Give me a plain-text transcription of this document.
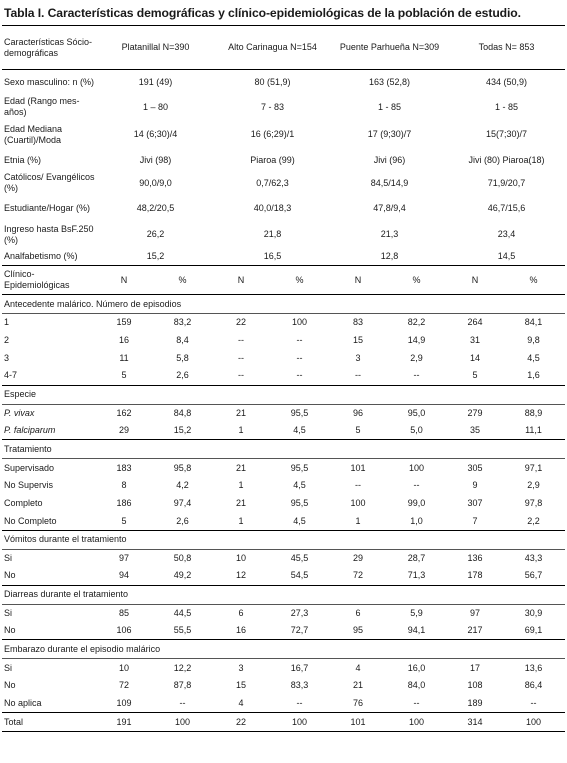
Tabla I. Características demográficas y clínico-epidemiológicas de la población de estudio.
Características Sócio-demográficas	Platanillal N=390		Alto Carinagua N=154		Puente Parhueña N=309		Todas N= 853	
Sexo masculino: n (%)	191 (49)		80 (51,9)		163 (52,8)		434 (50,9)	
Edad (Rango mes-años)	1 – 80		7 - 83		1 - 85		1 - 85	
Edad Mediana (Cuartil)/Moda	14 (6;30)/4		16 (6;29)/1		17 (9;30)/7		15(7;30)/7	
Etnia (%)	Jivi (98)		Piaroa (99)		Jivi (96)		Jivi (80) Piaroa(18)	
Católicos/ Evangélicos (%)	90,0/9,0		0,7/62,3		84,5/14,9		71,9/20,7	
Estudiante/Hogar (%)	48,2/20,5		40,0/18,3		47,8/9,4		46,7/15,6	
Ingreso hasta BsF.250 (%)	26,2		21,8		21,3		23,4	
Analfabetismo (%)	15,2		16,5		12,8		14,5	
Clínico-Epidemiológicas	N	%	N	%	N	%	N	%
Antecedente malárico. Número de episodios								
1	159	83,2	22	100	83	82,2	264	84,1
2	16	8,4	--	--	15	14,9	31	9,8
3	11	5,8	--	--	3	2,9	14	4,5
4-7	5	2,6	--	--	--	--	5	1,6
Especie								
P. vivax	162	84,8	21	95,5	96	95,0	279	88,9
P. falciparum	29	15,2	1	4,5	5	5,0	35	11,1
Tratamiento								
Supervisado	183	95,8	21	95,5	101	100	305	97,1
No Supervis	8	4,2	1	4,5	--	--	9	2,9
Completo	186	97,4	21	95,5	100	99,0	307	97,8
No Completo	5	2,6	1	4,5	1	1,0	7	2,2
Vómitos durante el tratamiento								
Si	97	50,8	10	45,5	29	28,7	136	43,3
No	94	49,2	12	54,5	72	71,3	178	56,7
Diarreas durante el tratamiento								
Si	85	44,5	6	27,3	6	5,9	97	30,9
No	106	55,5	16	72,7	95	94,1	217	69,1
Embarazo durante el episodio malárico								
Si	10	12,2	3	16,7	4	16,0	17	13,6
No	72	87,8	15	83,3	21	84,0	108	86,4
No aplica	109	--	4	--	76	--	189	--
Total	191	100	22	100	101	100	314	100
